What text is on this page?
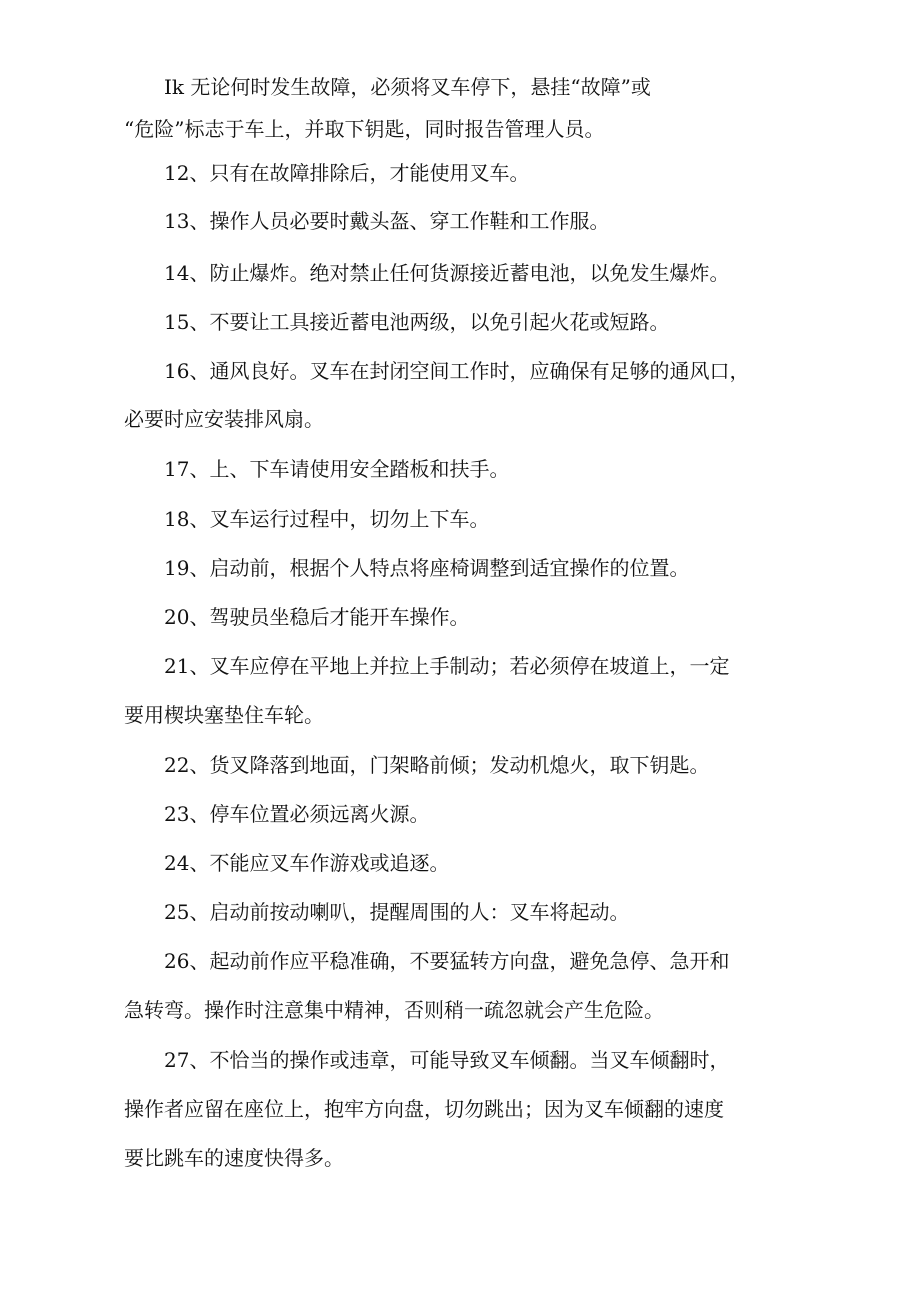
Ik 无论何时发生故障，必须将叉车停下，悬挂“故障”或
“危险”标志于车上，并取下钥匙，同时报告管理人员。
12、只有在故障排除后，才能使用叉车。
13、操作人员必要时戴头盔、穿工作鞋和工作服。
14、防止爆炸。绝对禁止任何货源接近蓄电池，以免发生爆炸。
15、不要让工具接近蓄电池两级，以免引起火花或短路。
16、通风良好。叉车在封闭空间工作时，应确保有足够的通风口，
必要时应安装排风扇。
17、上、下车请使用安全踏板和扶手。
18、叉车运行过程中，切勿上下车。
19、启动前，根据个人特点将座椅调整到适宜操作的位置。
20、驾驶员坐稳后才能开车操作。
21、叉车应停在平地上并拉上手制动；若必须停在坡道上，一定
要用楔块塞垫住车轮。
22、货叉降落到地面，门架略前倾；发动机熄火，取下钥匙。
23、停车位置必须远离火源。
24、不能应叉车作游戏或追逐。
25、启动前按动喇叭，提醒周围的人：叉车将起动。
26、起动前作应平稳准确，不要猛转方向盘，避免急停、急开和
急转弯。操作时注意集中精神，否则稍一疏忽就会产生危险。
27、不恰当的操作或违章，可能导致叉车倾翻。当叉车倾翻时，
操作者应留在座位上，抱牢方向盘，切勿跳出；因为叉车倾翻的速度
要比跳车的速度快得多。
